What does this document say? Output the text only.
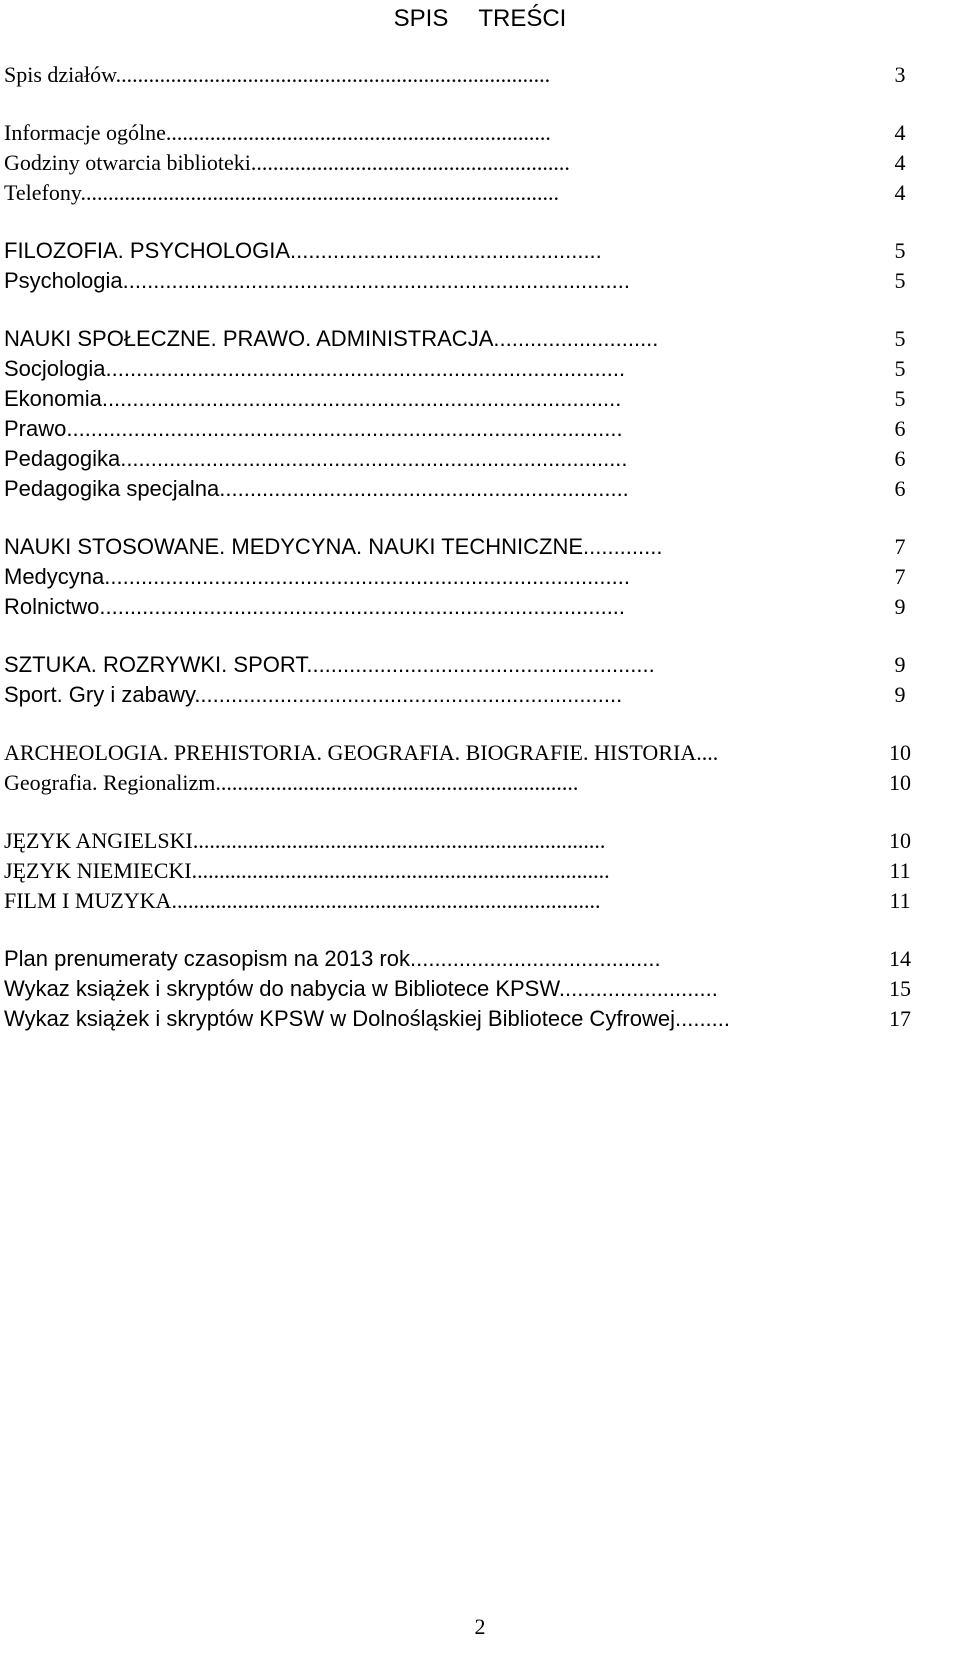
SPIS TREŚCI
Spis działów...............................................................................	3
Informacje ogólne......................................................................	4
Godziny otwarcia biblioteki..........................................................	4
Telefony.......................................................................................	4
FILOZOFIA. PSYCHOLOGIA...................................................	5
Psychologia...................................................................................	5
NAUKI SPOŁECZNE. PRAWO. ADMINISTRACJA...........................	5
Socjologia.....................................................................................	5
Ekonomia.....................................................................................	5
Prawo...........................................................................................	6
Pedagogika...................................................................................	6
Pedagogika specjalna...................................................................	6
NAUKI STOSOWANE. MEDYCYNA. NAUKI TECHNICZNE.............	7
Medycyna......................................................................................	7
Rolnictwo......................................................................................	9
SZTUKA. ROZRYWKI. SPORT.........................................................	9
Sport. Gry i zabawy......................................................................	9
ARCHEOLOGIA. PREHISTORIA. GEOGRAFIA. BIOGRAFIE. HISTORIA....	10
Geografia. Regionalizm..................................................................	10
JĘZYK ANGIELSKI...........................................................................	10
JĘZYK NIEMIECKI............................................................................	11
FILM I MUZYKA..............................................................................	11
Plan prenumeraty czasopism na 2013 rok.........................................	14
Wykaz książek i skryptów do nabycia w Bibliotece KPSW..........................	15
Wykaz książek i skryptów KPSW w Dolnośląskiej Bibliotece Cyfrowej.........	17
2
